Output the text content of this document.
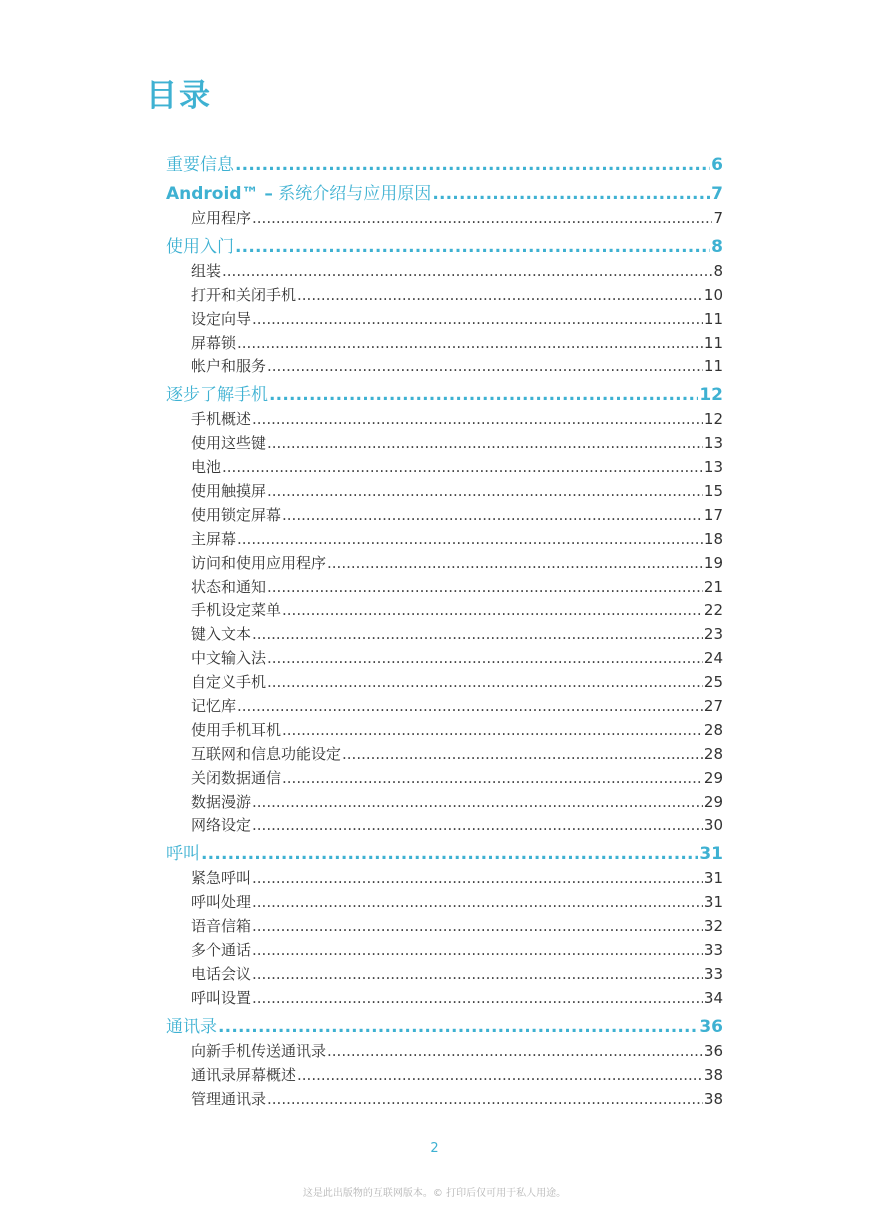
目录
重要信息 .....	6
Android™ – 系统介绍与应用原因 .....	7
应用程序 .....	7
使用入门 .....	8
组装 .....	8
打开和关闭手机 .....	10
设定向导 .....	11
屏幕锁 .....	11
帐户和服务 .....	11
逐步了解手机 .....	12
手机概述 .....	12
使用这些键 .....	13
电池 .....	13
使用触摸屏 .....	15
使用锁定屏幕 .....	17
主屏幕 .....	18
访问和使用应用程序 .....	19
状态和通知 .....	21
手机设定菜单 .....	22
键入文本 .....	23
中文输入法 .....	24
自定义手机 .....	25
记忆库 .....	27
使用手机耳机 .....	28
互联网和信息功能设定 .....	28
关闭数据通信 .....	29
数据漫游 .....	29
网络设定 .....	30
呼叫 .....	31
紧急呼叫 .....	31
呼叫处理 .....	31
语音信箱 .....	32
多个通话 .....	33
电话会议 .....	33
呼叫设置 .....	34
通讯录 .....	36
向新手机传送通讯录 .....	36
通讯录屏幕概述 .....	38
管理通讯录 .....	38
2
这是此出版物的互联网版本。© 打印后仅可用于私人用途。
